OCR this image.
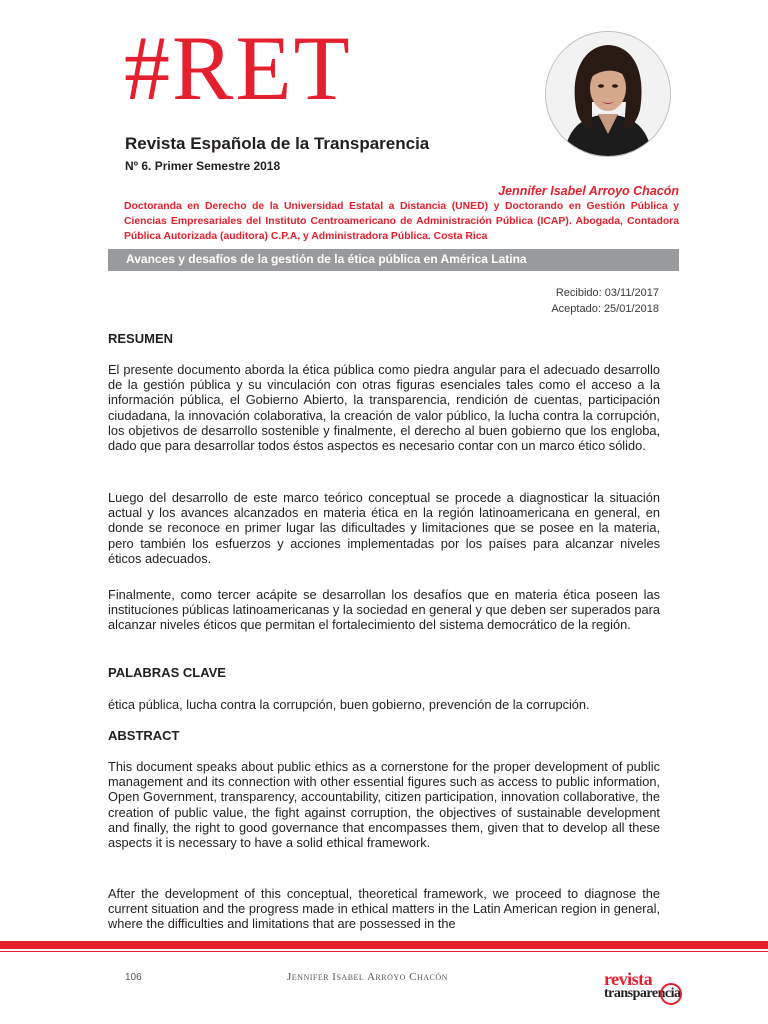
#RET
Revista Española de la Transparencia
Nº 6. Primer Semestre 2018
Jennifer Isabel Arroyo Chacón
Doctoranda en Derecho de la Universidad Estatal a Distancia (UNED) y Doctorando en Gestión Pública y Ciencias Empresariales del Instituto Centroamericano de Administración Pública (ICAP). Abogada, Contadora Pública Autorizada (auditora) C.P.A, y Administradora Pública. Costa Rica
Avances y desafíos de la gestión de la ética pública en América Latina
Recibido: 03/11/2017
Aceptado: 25/01/2018
RESUMEN

El presente documento aborda la ética pública como piedra angular para el adecuado desarrollo de la gestión pública y su vinculación con otras figuras esenciales tales como el acceso a la información pública, el Gobierno Abierto, la transparencia, rendición de cuentas, participación ciudadana, la innovación colaborativa, la creación de valor público, la lucha contra la corrupción, los objetivos de desarrollo sostenible y finalmente, el derecho al buen gobierno que los engloba, dado que para desarrollar todos éstos aspectos es necesario contar con un marco ético sólido.

Luego del desarrollo de este marco teórico conceptual se procede a diagnosticar la situación actual y los avances alcanzados en materia ética en la región latinoamericana en general, en donde se reconoce en primer lugar las dificultades y limitaciones que se posee en la materia, pero también los esfuerzos y acciones implementadas por los países para alcanzar niveles éticos adecuados.

Finalmente, como tercer acápite se desarrollan los desafíos que en materia ética poseen las instituciones públicas latinoamericanas y la sociedad en general y que deben ser superados para alcanzar niveles éticos que permitan el fortalecimiento del sistema democrático de la región.

PALABRAS CLAVE

ética pública, lucha contra la corrupción, buen gobierno, prevención de la corrupción.

ABSTRACT

This document speaks about public ethics as a cornerstone for the proper development of public management and its connection with other essential figures such as access to public information, Open Government, transparency, accountability, citizen participation, innovation collaborative, the creation of public value, the fight against corruption, the objectives of sustainable development and finally, the right to good governance that encompasses them, given that to develop all these aspects it is necessary to have a solid ethical framework.

After the development of this conceptual, theoretical framework, we proceed to diagnose the current situation and the progress made in ethical matters in the Latin American region in general, where the difficulties and limitations that are possessed in the

106	Jennifer Isabel Arroyo Chacón	revista
transparencia
